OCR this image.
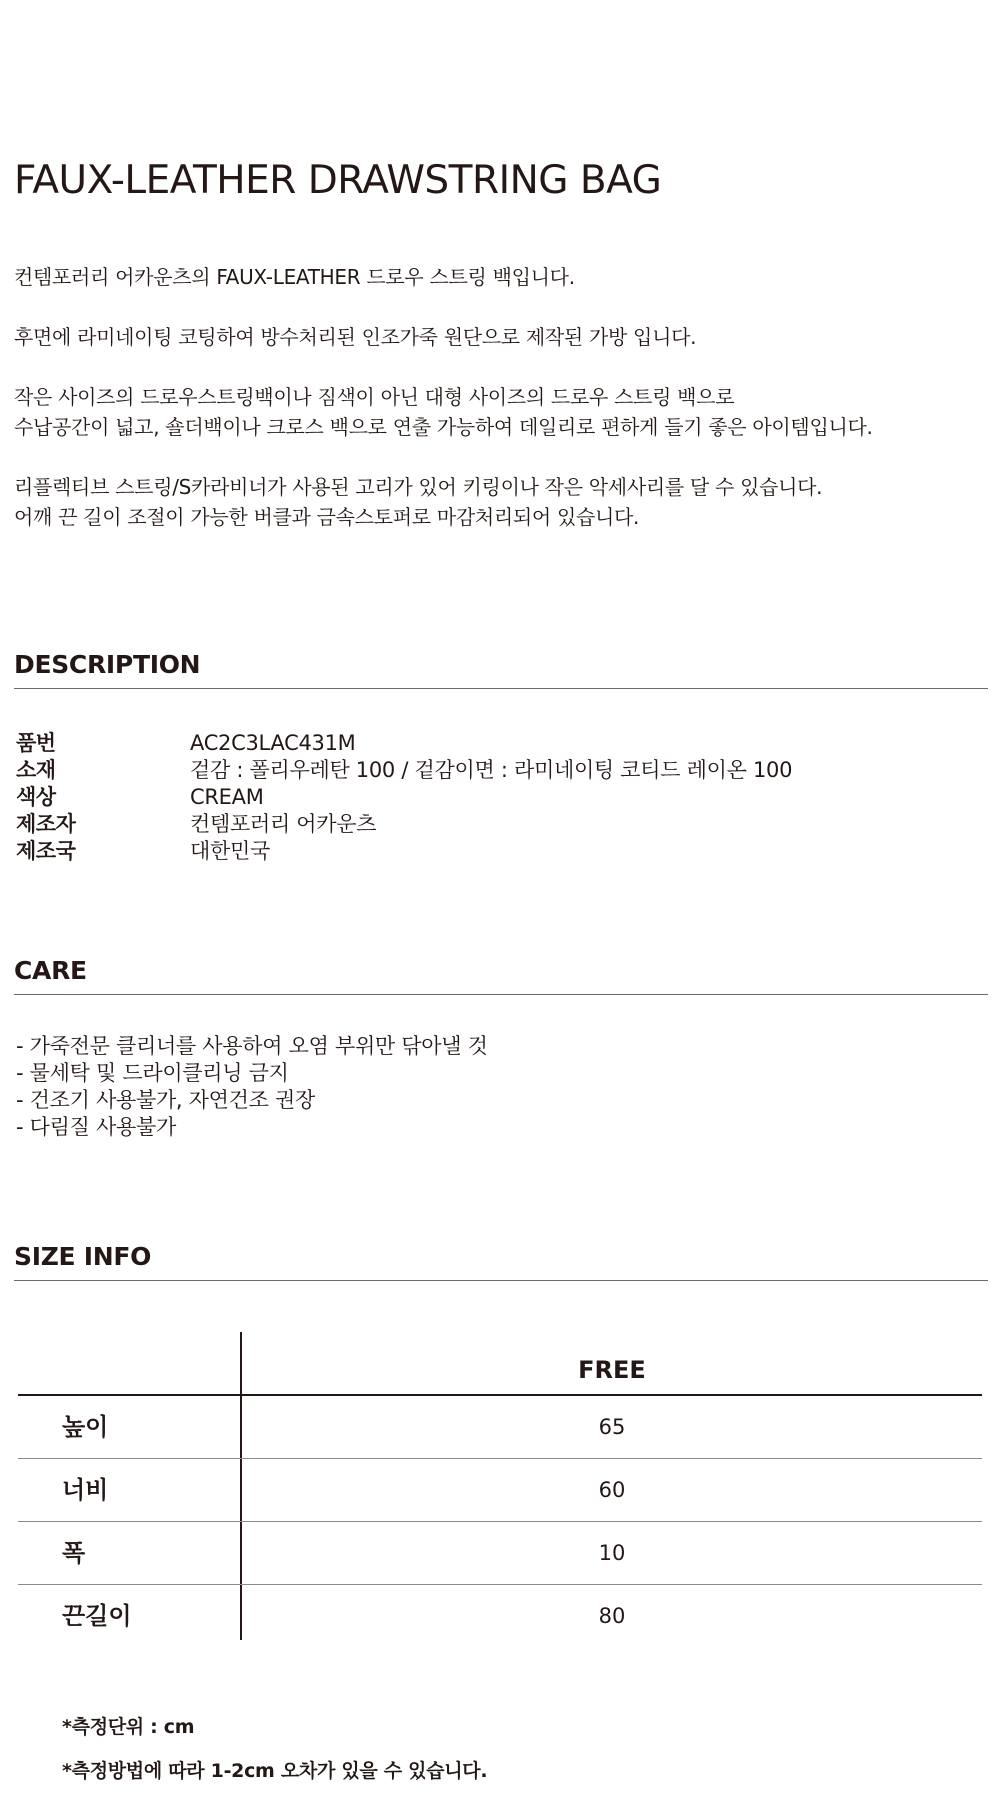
FAUX-LEATHER DRAWSTRING BAG

컨템포러리 어카운츠의 FAUX-LEATHER 드로우 스트링 백입니다.

후면에 라미네이팅 코팅하여 방수처리된 인조가죽 원단으로 제작된 가방 입니다.

작은 사이즈의 드로우스트링백이나 짐색이 아닌 대형 사이즈의 드로우 스트링 백으로

수납공간이 넓고, 숄더백이나 크로스 백으로 연출 가능하여 데일리로 편하게 들기 좋은 아이템입니다.

리플렉티브 스트링/S카라비너가 사용된 고리가 있어 키링이나 작은 악세사리를 달 수 있습니다.

어깨 끈 길이 조절이 가능한 버클과 금속스토퍼로 마감처리되어 있습니다.

DESCRIPTION
품번	AC2C3LAC431M
소재	겉감 : 폴리우레탄 100 / 겉감이면 : 라미네이팅 코티드 레이온 100
색상	CREAM
제조자	컨템포러리 어카운츠
제조국	대한민국
CARE
- 가죽전문 클리너를 사용하여 오염 부위만 닦아낼 것
- 물세탁 및 드라이클리닝 금지
- 건조기 사용불가, 자연건조 권장
- 다림질 사용불가
SIZE INFO
FREE
높이	65
너비	60
폭	10
끈길이	80
*측정단위 : cm
*측정방법에 따라 1-2cm 오차가 있을 수 있습니다.
